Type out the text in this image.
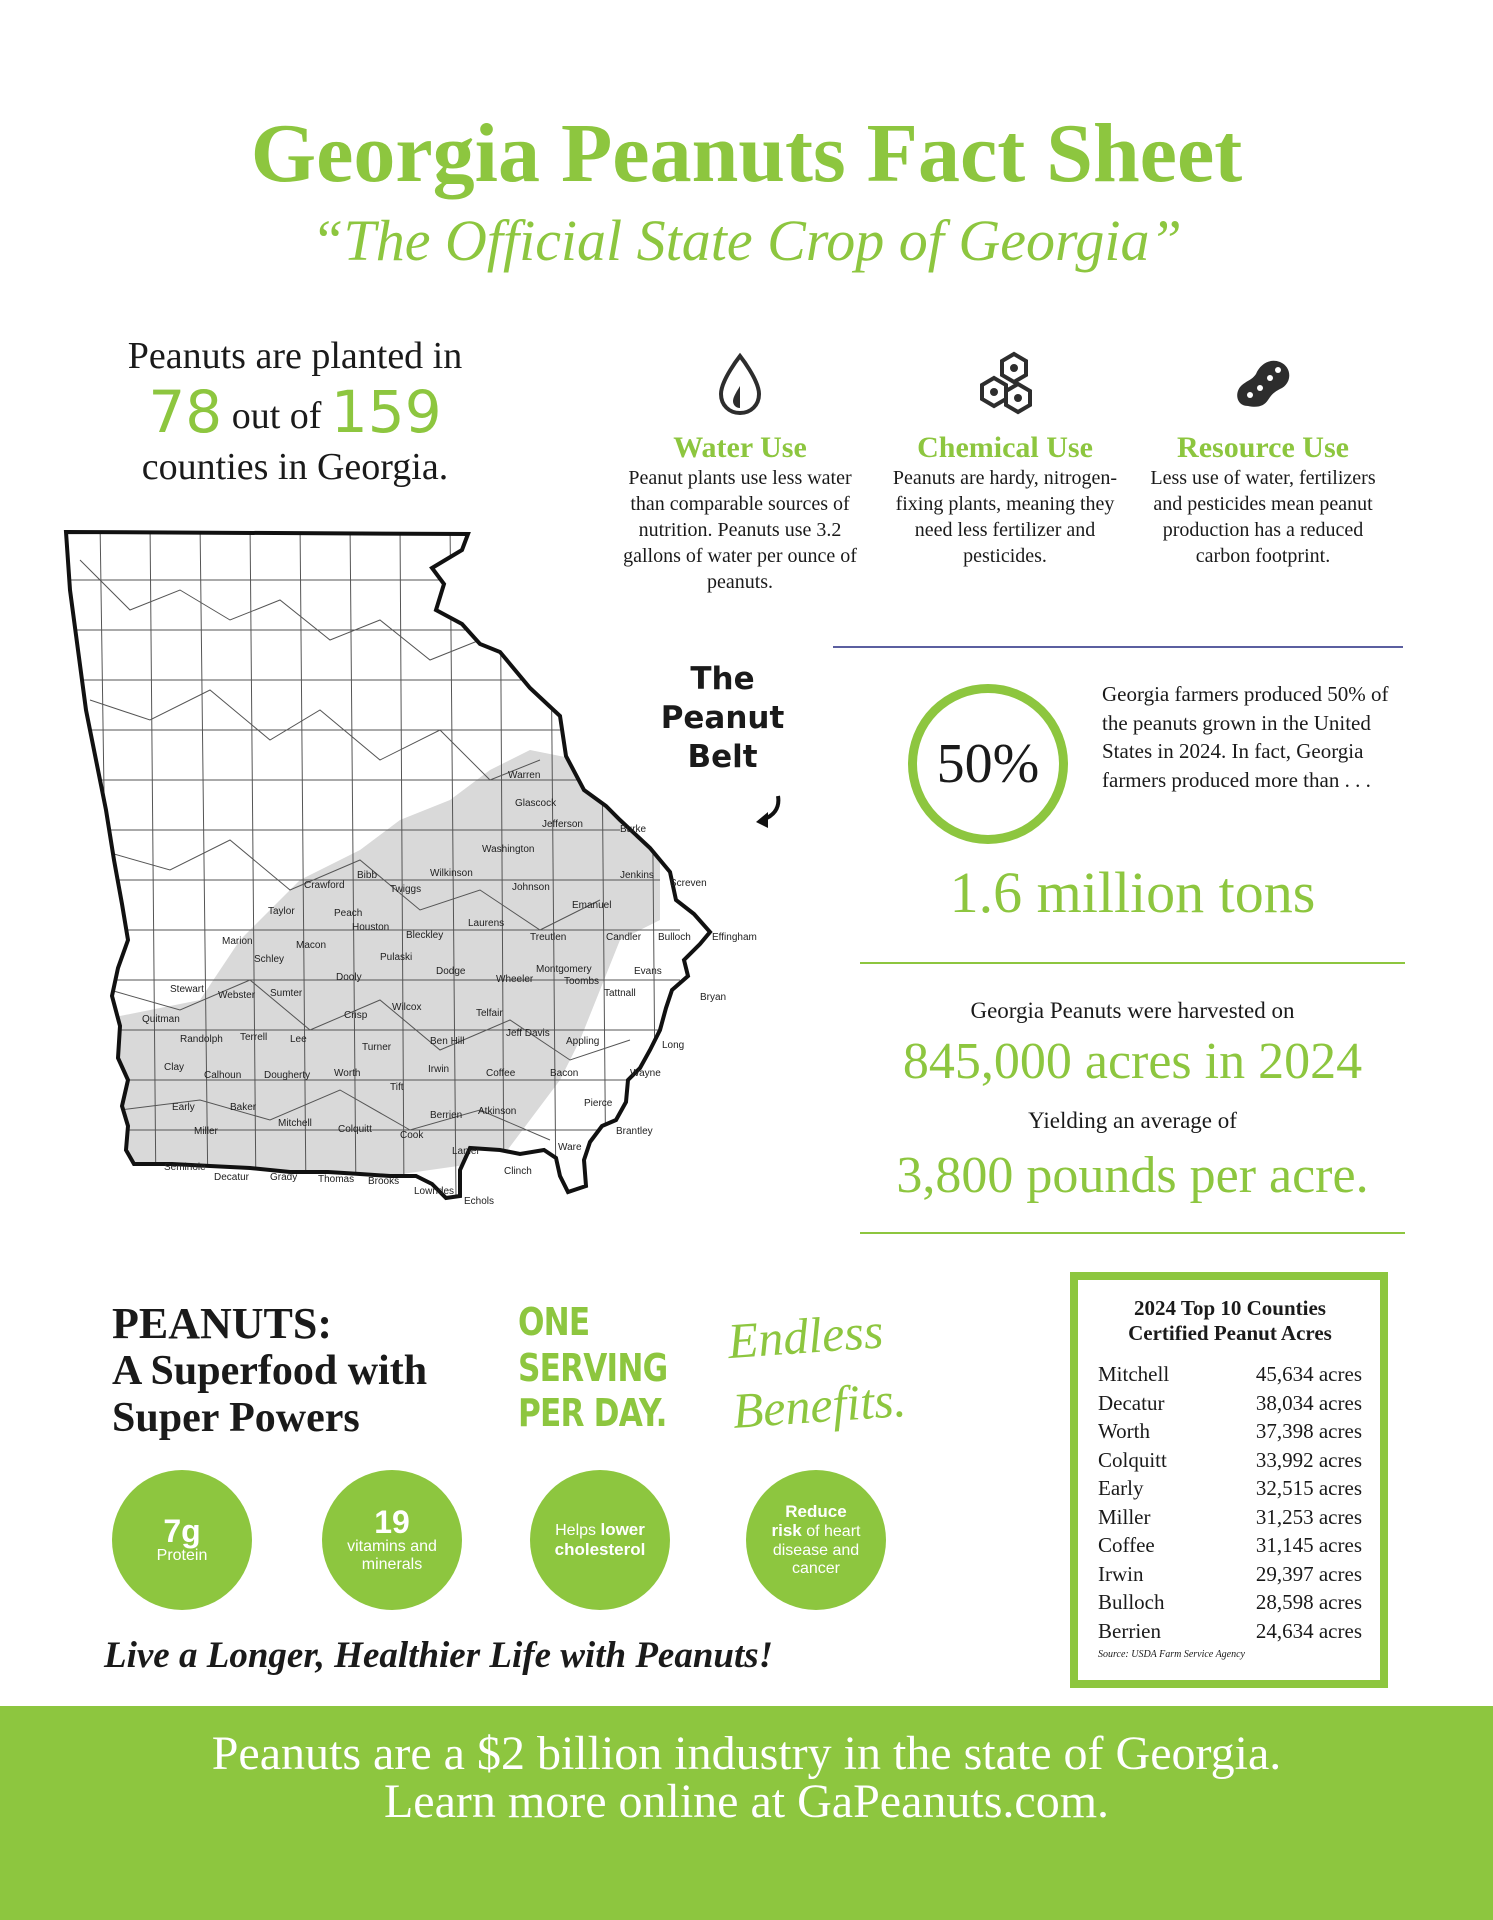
Georgia Peanuts Fact Sheet
“The Official State Crop of Georgia”
Peanuts are planted in
78 out of 159
counties in Georgia.	Water Use
Peanut plants use less water than comparable sources of nutrition. Peanuts use 3.2 gallons of water per ounce of peanuts.
Chemical Use
Peanuts are hardy, nitrogen-fixing plants, meaning they need less fertilizer and pesticides.
Resource Use
Less use of water, fertilizers and pesticides mean peanut production has a reduced carbon footprint.
50%
Georgia farmers produced 50% of the peanuts grown in the United States in 2024. In fact, Georgia farmers produced more than . . .
1.6 million tons
Georgia Peanuts were harvested on
845,000 acres in 2024
Yielding an average of
3,800 pounds per acre.
Warren
Glascock
Jefferson	Burke
Washington
Jenkins
Screven
Bibb
Crawford	Twiggs
Wilkinson
Johnson
Emanuel
Taylor	Peach
Houston	Laurens
Bleckley	Candler Bulloch Effingham
Marion	Macon
Treutlen
Schley	Pulaski
Dodge	Montgomery	Evans
Stewart
Webster Sumter
Dooly	Wheeler	Toombs
Tattnall	Bryan
Wilcox
Telfair
Quitman	Crisp
Jeff Davis
Randolph Terrell Lee	Ben Hill	Appling	Long
Turner
Clay	Irwin
Calhoun Dougherty Worth	Coffee	Bacon	Wayne
Tift
Early	Baker	Pierce
Berrien Atkinson
Mitchell
Colquitt	Brantley
Miller	Cook
Ware
Lanier
Seminole
Decatur Grady Thomas Brooks
Clinch
Lowndes
Echols
The
Peanut
Belt
PEANUTS:
A Superfood with
Super Powers
ONE
SERVING
PER DAY.
Endless
Benefits.
7g
Protein
19
vitamins and minerals
Helps lower
cholesterol
Reduce
risk of heart
disease and cancer
Live a Longer, Healthier Life with Peanuts!
2024 Top 10 Counties
Certified Peanut Acres
Mitchell	45,634 acres
Decatur	38,034 acres
Worth	37,398 acres
Colquitt	33,992 acres
Early	32,515 acres
Miller	31,253 acres
Coffee	31,145 acres
Irwin	29,397 acres
Bulloch	28,598 acres
Berrien	24,634 acres
Source: USDA Farm Service Agency
Peanuts are a $2 billion industry in the state of Georgia.
Learn more online at GaPeanuts.com.
